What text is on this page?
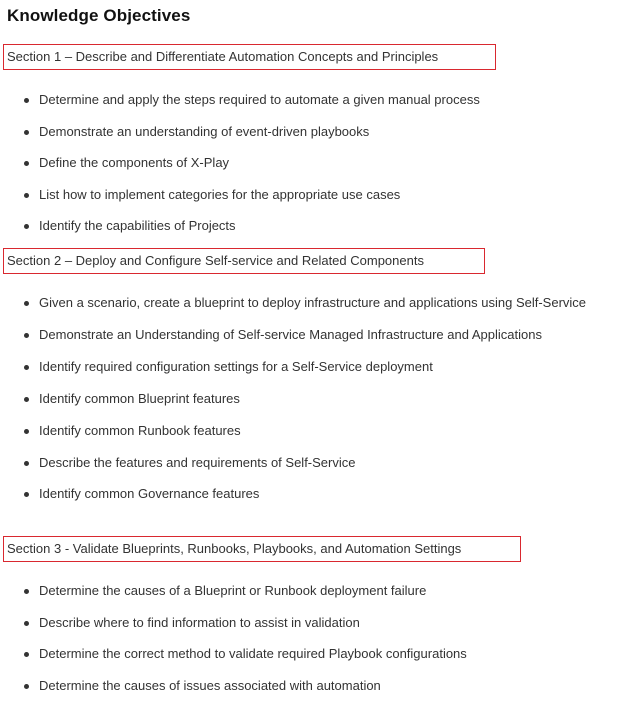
Knowledge Objectives
Section 1 – Describe and Differentiate Automation Concepts and Principles
Determine and apply the steps required to automate a given manual process
Demonstrate an understanding of event-driven playbooks
Define the components of X-Play
List how to implement categories for the appropriate use cases
Identify the capabilities of Projects
Section 2 – Deploy and Configure Self-service and Related Components
Given a scenario, create a blueprint to deploy infrastructure and applications using Self-Service
Demonstrate an Understanding of Self-service Managed Infrastructure and Applications
Identify required configuration settings for a Self-Service deployment
Identify common Blueprint features
Identify common Runbook features
Describe the features and requirements of Self-Service
Identify common Governance features
Section 3 - Validate Blueprints, Runbooks, Playbooks, and Automation Settings
Determine the causes of a Blueprint or Runbook deployment failure
Describe where to find information to assist in validation
Determine the correct method to validate required Playbook configurations
Determine the causes of issues associated with automation
